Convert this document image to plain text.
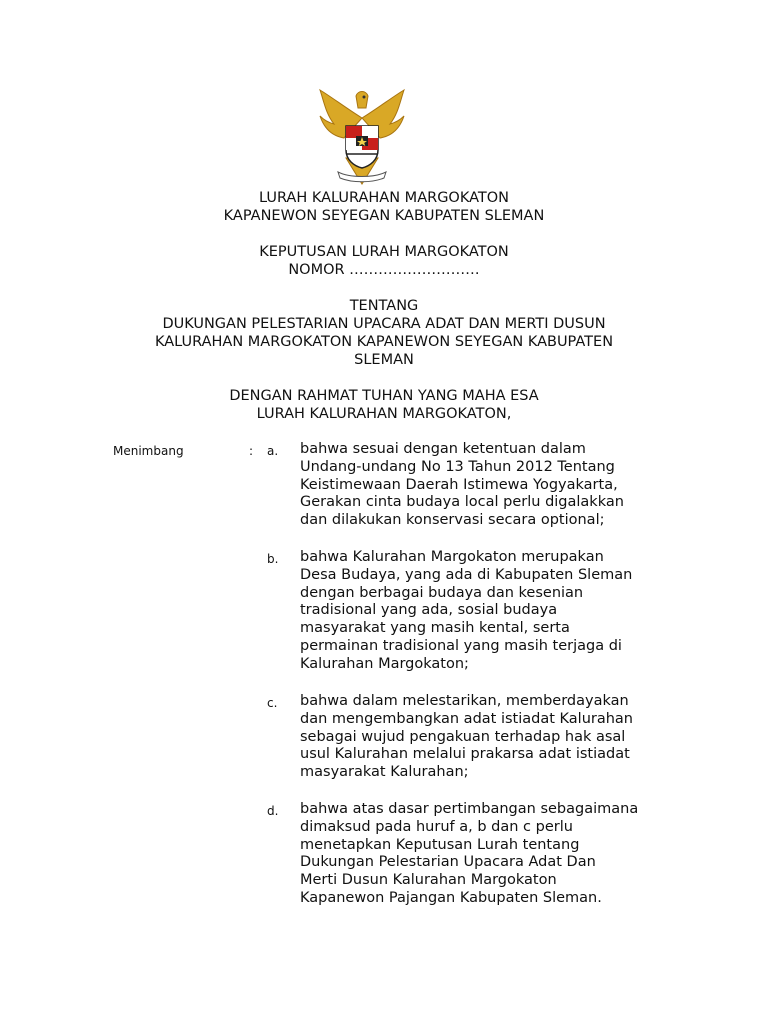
LURAH KALURAHAN MARGOKATON
KAPANEWON SEYEGAN KABUPATEN SLEMAN
KEPUTUSAN LURAH MARGOKATON
NOMOR ………………………
TENTANG
DUKUNGAN PELESTARIAN UPACARA ADAT DAN MERTI DUSUN
KALURAHAN MARGOKATON KAPANEWON SEYEGAN KABUPATEN
SLEMAN
DENGAN RAHMAT TUHAN YANG MAHA ESA
LURAH KALURAHAN MARGOKATON,
Menimbang	: a. bahwa sesuai dengan ketentuan dalam
Undang-undang No 13 Tahun 2012 Tentang
Keistimewaan Daerah Istimewa Yogyakarta,
Gerakan cinta budaya local perlu digalakkan
dan dilakukan konservasi secara optional;
b. bahwa Kalurahan Margokaton merupakan
Desa Budaya, yang ada di Kabupaten Sleman
dengan berbagai budaya dan kesenian
tradisional yang ada, sosial budaya
masyarakat yang masih kental, serta
permainan tradisional yang masih terjaga di
Kalurahan Margokaton;
c. bahwa dalam melestarikan, memberdayakan
dan mengembangkan adat istiadat Kalurahan
sebagai wujud pengakuan terhadap hak asal
usul Kalurahan melalui prakarsa adat istiadat
masyarakat Kalurahan;
d. bahwa atas dasar pertimbangan sebagaimana
dimaksud pada huruf a, b dan c perlu
menetapkan Keputusan Lurah tentang
Dukungan Pelestarian Upacara Adat Dan
Merti Dusun Kalurahan Margokaton
Kapanewon Pajangan Kabupaten Sleman.
